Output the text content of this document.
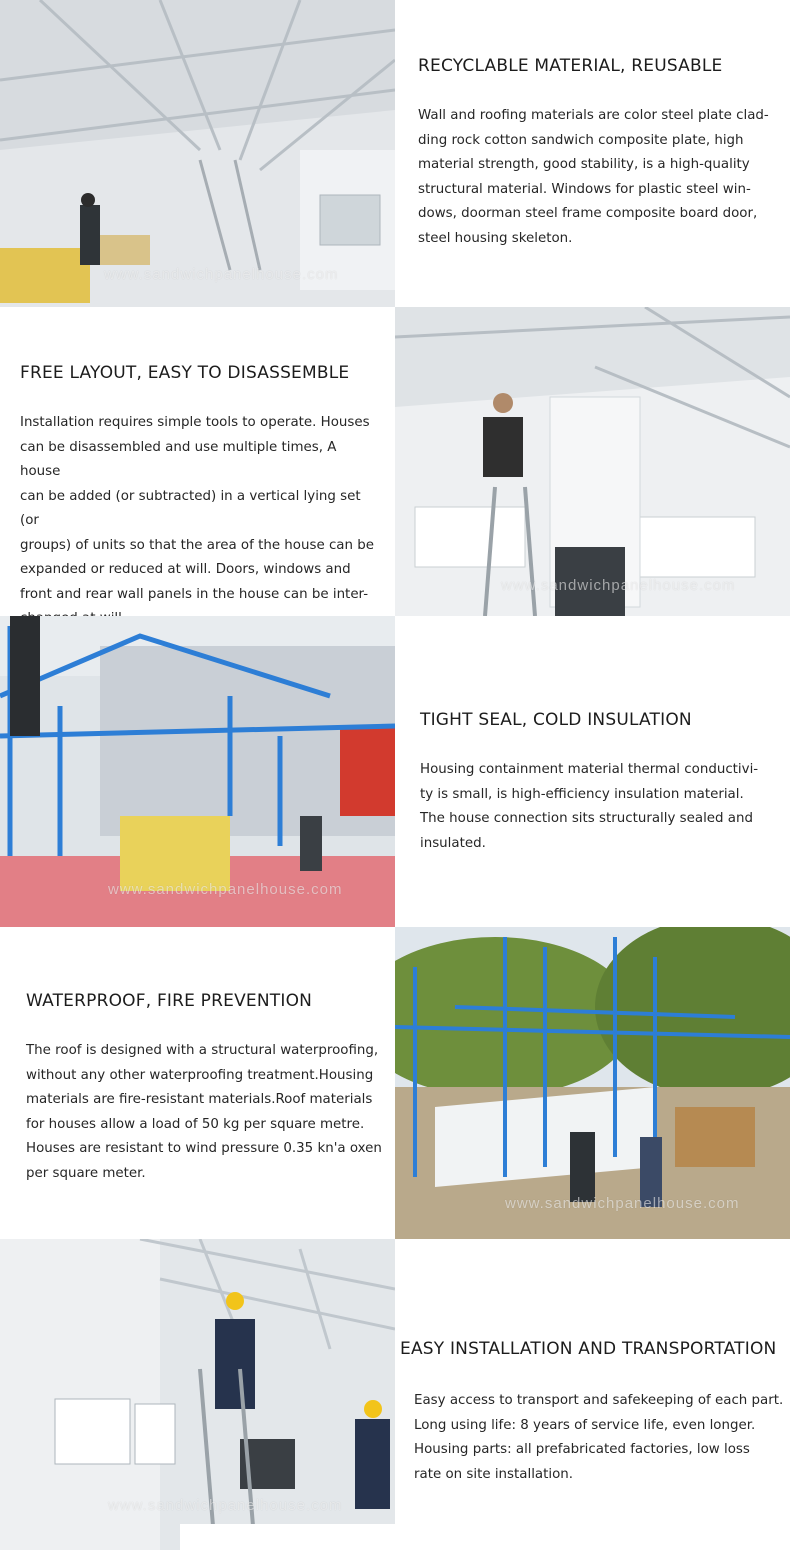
www.sandwichpanelhouse.com
RECYCLABLE MATERIAL, REUSABLE

Wall and roofing materials are color steel plate clad-
ding rock cotton sandwich composite plate, high
material strength, good stability, is a high-quality
structural material. Windows for plastic steel win-
dows, doorman steel frame composite board door,
steel housing skeleton.

FREE LAYOUT, EASY TO DISASSEMBLE

Installation requires simple tools to operate. Houses
can be disassembled and use multiple times, A house
can be added (or subtracted) in a vertical lying set (or
groups) of units so that the area of the house can be
expanded or reduced at will. Doors, windows and
front and rear wall panels in the house can be inter-	www.sandwichpanelhouse.com
www.sandwichpanelhouse.com
TIGHT SEAL, COLD INSULATION

Housing containment material thermal conductivi-
ty is small, is high-efficiency insulation material.
The house connection sits structurally sealed and
insulated.

WATERPROOF, FIRE PREVENTION

The roof is designed with a structural waterproofing,
without any other waterproofing treatment.Housing
materials are fire-resistant materials.Roof materials
for houses allow a load of 50 kg per square metre.
Houses are resistant to wind pressure 0.35 kn'a oxen
per square meter.

www.sandwichpanelhouse.com
www.sandwichpanelhouse.com
EASY INSTALLATION AND TRANSPORTATION

Easy access to transport and safekeeping of each part.
Long using life: 8 years of service life, even longer.
Housing parts: all prefabricated factories, low loss
rate on site installation.
